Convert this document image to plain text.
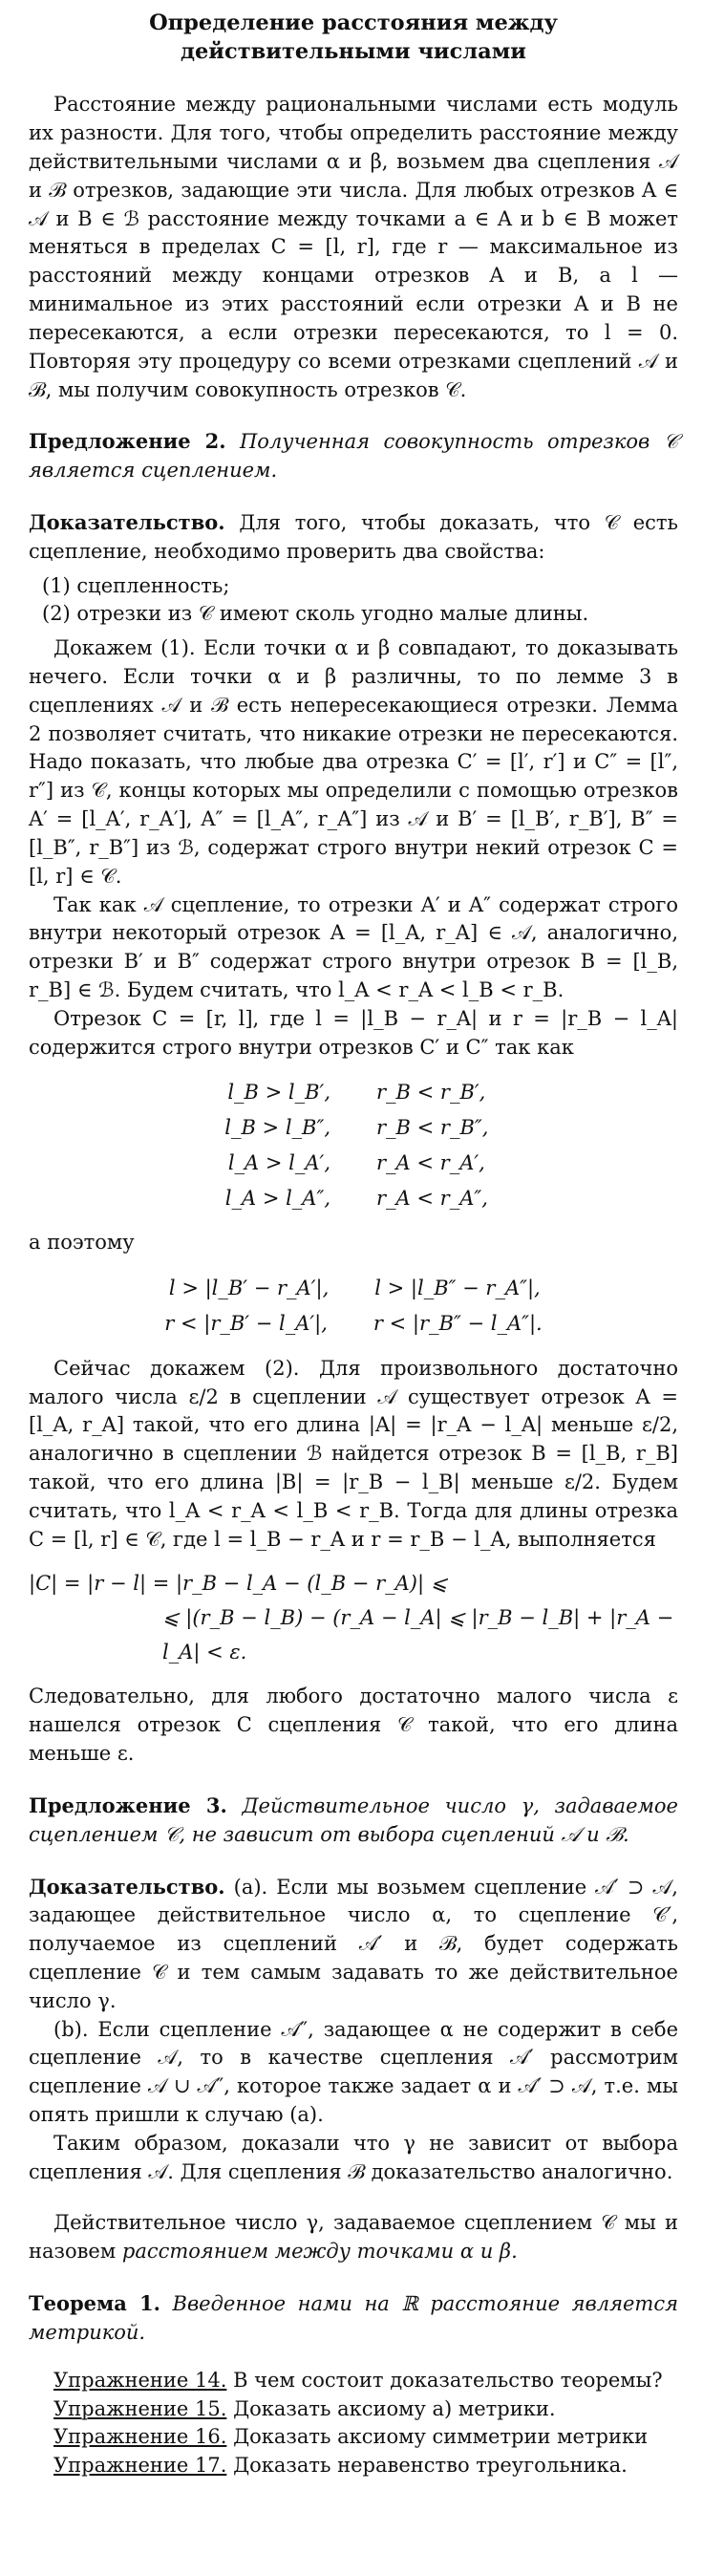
Определение расстояния между действительными числами

Расстояние между рациональными числами есть модуль их разности. Для того, чтобы определить расстояние между действительными числами α и β, возьмем два сцепления 𝒜 и ℬ отрезков, задающие эти числа. Для любых отрезков A ∈ 𝒜 и B ∈ ℬ расстояние между точками a ∈ A и b ∈ B может меняться в пределах C = [l, r], где r — максимальное из расстояний между концами отрезков A и B, а l — минимальное из этих расстояний если отрезки A и B не пересекаются, а если отрезки пересекаются, то l = 0. Повторяя эту процедуру со всеми отрезками сцеплений 𝒜 и ℬ, мы получим совокупность отрезков 𝒞.

Предложение 2. Полученная совокупность отрезков 𝒞 является сцеплением.

Доказательство. Для того, чтобы доказать, что 𝒞 есть сцепление, необходимо проверить два свойства:

(1) сцепленность;
(2) отрезки из 𝒞 имеют сколь угодно малые длины.

Докажем (1). Если точки α и β совпадают, то доказывать нечего. Если точки α и β различны, то по лемме 3 в сцеплениях 𝒜 и ℬ есть непересекающиеся отрезки. Лемма 2 позволяет считать, что никакие отрезки не пересекаются. Надо показать, что любые два отрезка C′ = [l′, r′] и C″ = [l″, r″] из 𝒞, концы которых мы определили с помощью отрезков A′ = [l_A′, r_A′], A″ = [l_A″, r_A″] из 𝒜 и B′ = [l_B′, r_B′], B″ = [l_B″, r_B″] из ℬ, содержат строго внутри некий отрезок C = [l, r] ∈ 𝒞.

Так как 𝒜 сцепление, то отрезки A′ и A″ содержат строго внутри некоторый отрезок A = [l_A, r_A] ∈ 𝒜, аналогично, отрезки B′ и B″ содержат строго внутри отрезок B = [l_B, r_B] ∈ ℬ. Будем считать, что l_A < r_A < l_B < r_B.

Отрезок C = [r, l], где l = |l_B − r_A| и r = |r_B − l_A| содержится строго внутри отрезков C′ и C″ так как

l_B > l_B′, r_B < r_B′,
l_B > l_B″, r_B < r_B″,
l_A > l_A′, r_A < r_A′,
l_A > l_A″, r_A < r_A″,

а поэтому

l > |l_B′ − r_A′|, l > |l_B″ − r_A″|,
r < |r_B′ − l_A′|, r < |r_B″ − l_A″|.

Сейчас докажем (2). Для произвольного достаточно малого числа ε/2 в сцеплении 𝒜 существует отрезок A = [l_A, r_A] такой, что его длина |A| = |r_A − l_A| меньше ε/2, аналогично в сцеплении ℬ найдется отрезок B = [l_B, r_B] такой, что его длина |B| = |r_B − l_B| меньше ε/2. Будем считать, что l_A < r_A < l_B < r_B. Тогда для длины отрезка C = [l, r] ∈ 𝒞, где l = l_B − r_A и r = r_B − l_A, выполняется

|C| = |r − l| = |r_B − l_A − (l_B − r_A)| ⩽
⩽ |(r_B − l_B) − (r_A − l_A| ⩽ |r_B − l_B| + |r_A − l_A| < ε.

Следовательно, для любого достаточно малого числа ε нашелся отрезок C сцепления 𝒞 такой, что его длина меньше ε.

Предложение 3. Действительное число γ, задаваемое сцеплением 𝒞, не зависит от выбора сцеплений 𝒜 и ℬ.

Доказательство. (а). Если мы возьмем сцепление 𝒜′ ⊃ 𝒜, задающее действительное число α, то сцепление 𝒞′, получаемое из сцеплений 𝒜′ и ℬ, будет содержать сцепление 𝒞 и тем самым задавать то же действительное число γ.

(b). Если сцепление 𝒜″, задающее α не содержит в себе сцепление 𝒜, то в качестве сцепления 𝒜′ рассмотрим сцепление 𝒜 ∪ 𝒜″, которое также задает α и 𝒜′ ⊃ 𝒜, т.е. мы опять пришли к случаю (а).

Таким образом, доказали что γ не зависит от выбора сцепления 𝒜. Для сцепления ℬ доказательство аналогично.

Действительное число γ, задаваемое сцеплением 𝒞 мы и назовем расстоянием между точками α и β.

Теорема 1. Введенное нами на ℝ расстояние является метрикой.

Упражнение 14. В чем состоит доказательство теоремы?

Упражнение 15. Доказать аксиому a) метрики.

Упражнение 16. Доказать аксиому симметрии метрики

Упражнение 17. Доказать неравенство треугольника.
